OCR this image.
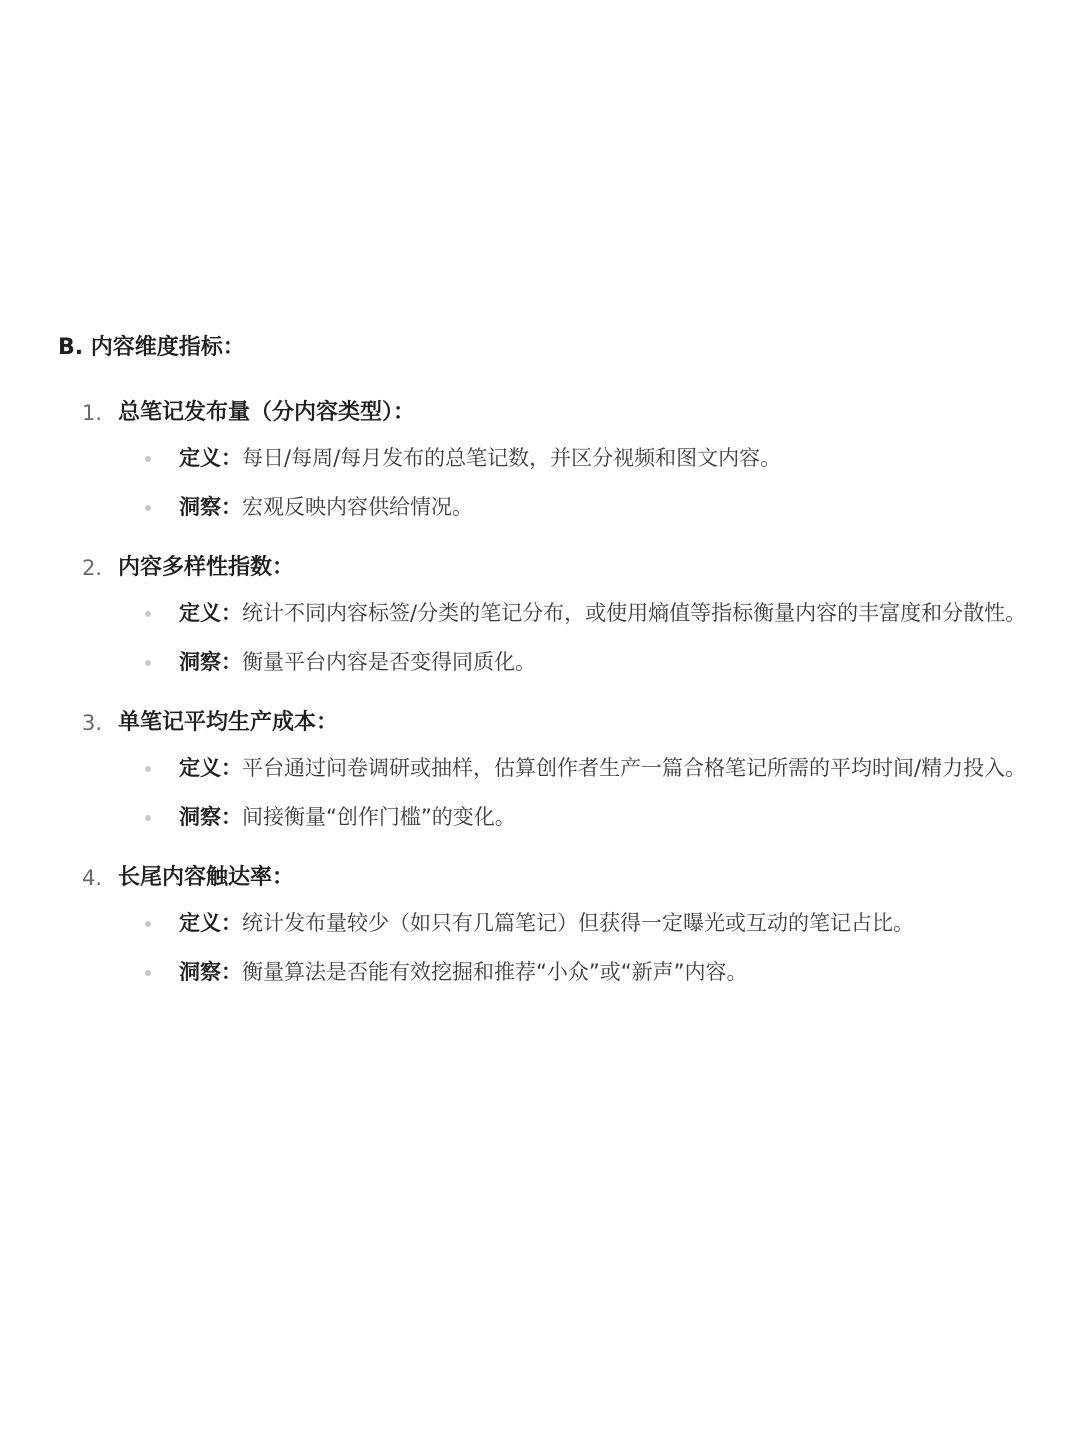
B. 内容维度指标：
1. 总笔记发布量（分内容类型）：
定义：每日/每周/每月发布的总笔记数，并区分视频和图文内容。
洞察：宏观反映内容供给情况。
2. 内容多样性指数：
定义：统计不同内容标签/分类的笔记分布，或使用熵值等指标衡量内容的丰富度和分散性。
洞察：衡量平台内容是否变得同质化。
3. 单笔记平均生产成本：
定义：平台通过问卷调研或抽样，估算创作者生产一篇合格笔记所需的平均时间/精力投入。
洞察：间接衡量“创作门槛”的变化。
4. 长尾内容触达率：
定义：统计发布量较少（如只有几篇笔记）但获得一定曝光或互动的笔记占比。
洞察：衡量算法是否能有效挖掘和推荐“小众”或“新声”内容。
